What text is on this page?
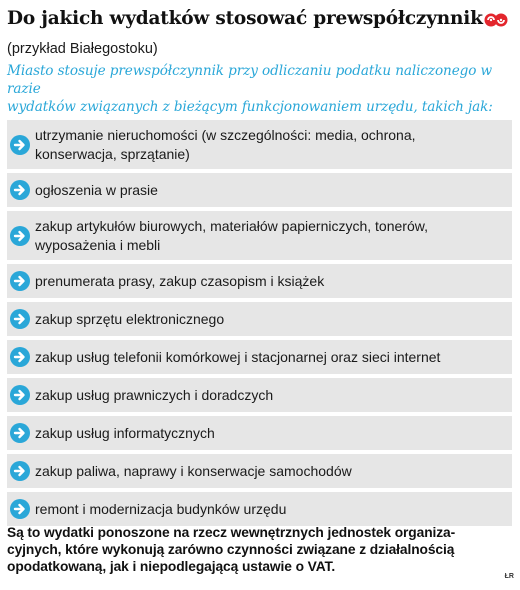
Do jakich wydatków stosować prewspółczynnik

(przykład Białegostoku)

Miasto stosuje prewspółczynnik przy odliczaniu podatku naliczonego w razie
wydatków związanych z bieżącym funkcjonowaniem urzędu, takich jak:

utrzymanie nieruchomości (w szczególności: media, ochrona,
konserwacja, sprzątanie)
ogłoszenia w prasie
zakup artykułów biurowych, materiałów papierniczych, tonerów,
wyposażenia i mebli
prenumerata prasy, zakup czasopism i książek
zakup sprzętu elektronicznego
zakup usług telefonii komórkowej i stacjonarnej oraz sieci internet
zakup usług prawniczych i doradczych
zakup usług informatycznych
zakup paliwa, naprawy i konserwacje samochodów
remont i modernizacja budynków urzędu

Są to wydatki ponoszone na rzecz wewnętrznych jednostek organiza-

cyjnych, które wykonują zarówno czynności związane z działalnością

opodatkowaną, jak i niepodlegającą ustawie o VAT.

ŁR
